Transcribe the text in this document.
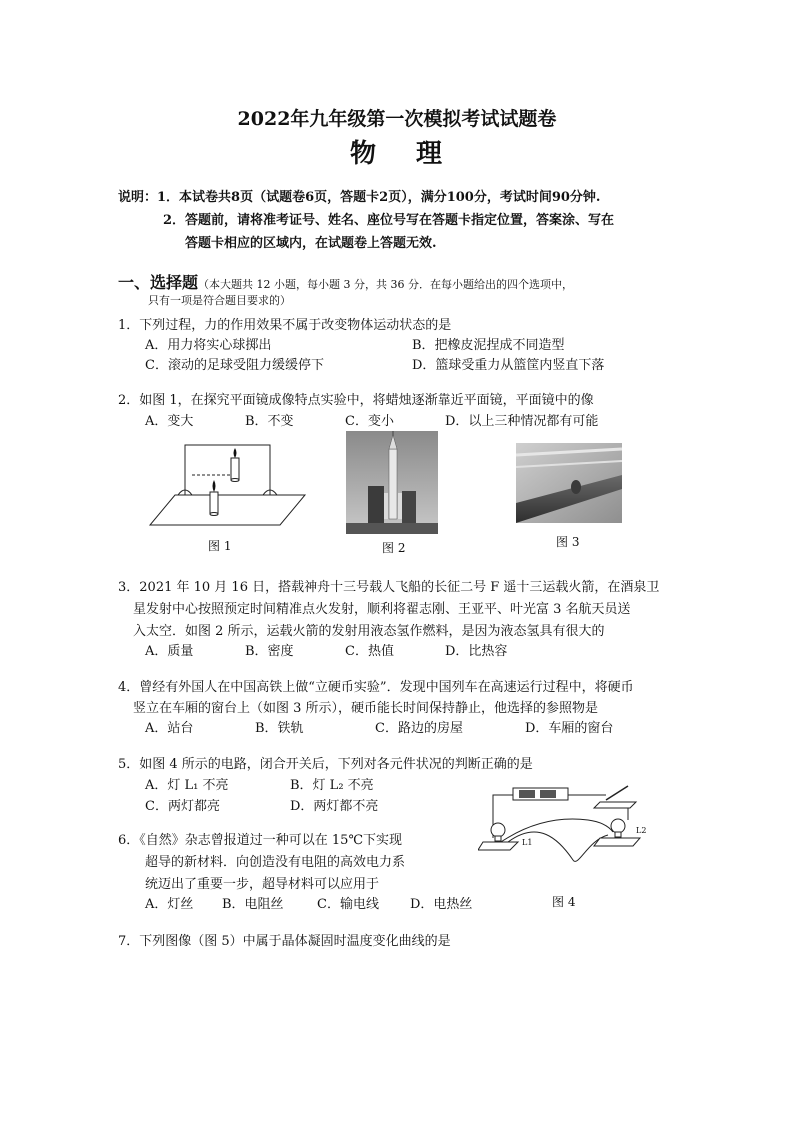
2022年九年级第一次模拟考试试题卷
物 理
说明：1．本试卷共8页（试题卷6页，答题卡2页），满分100分，考试时间90分钟.
2．答题前，请将准考证号、姓名、座位号写在答题卡指定位置，答案涂、写在
答题卡相应的区域内，在试题卷上答题无效.
一、选择题（本大题共 12 小题，每小题 3 分，共 36 分．在每小题给出的四个选项中，
只有一项是符合题目要求的）
1．下列过程，力的作用效果不属于改变物体运动状态的是
A．用力将实心球掷出	B．把橡皮泥捏成不同造型
C．滚动的足球受阻力缓缓停下	D．篮球受重力从篮筐内竖直下落
2．如图 1，在探究平面镜成像特点实验中，将蜡烛逐渐靠近平面镜，平面镜中的像
A．变大	B．不变	C．变小	D．以上三种情况都有可能
图 1	图 2	图 3
3．2021 年 10 月 16 日，搭载神舟十三号载人飞船的长征二号 F 遥十三运载火箭，在酒泉卫
星发射中心按照预定时间精准点火发射，顺利将翟志刚、王亚平、叶光富 3 名航天员送
入太空．如图 2 所示，运载火箭的发射用液态氢作燃料，是因为液态氢具有很大的
A．质量	B．密度	C．热值	D．比热容
4．曾经有外国人在中国高铁上做“立硬币实验”．发现中国列车在高速运行过程中，将硬币
竖立在车厢的窗台上（如图 3 所示），硬币能长时间保持静止，他选择的参照物是
A．站台	B．铁轨	C．路边的房屋	D．车厢的窗台
5．如图 4 所示的电路，闭合开关后，下列对各元件状况的判断正确的是
A．灯 L₁ 不亮	B．灯 L₂ 不亮
C．两灯都亮	D．两灯都不亮
L1
L2
图 4
6．《自然》杂志曾报道过一种可以在 15℃下实现
超导的新材料．向创造没有电阻的高效电力系
统迈出了重要一步，超导材料可以应用于
A．灯丝 B．电阻丝	C．输电线 D．电热丝
7．下列图像（图 5）中属于晶体凝固时温度变化曲线的是
